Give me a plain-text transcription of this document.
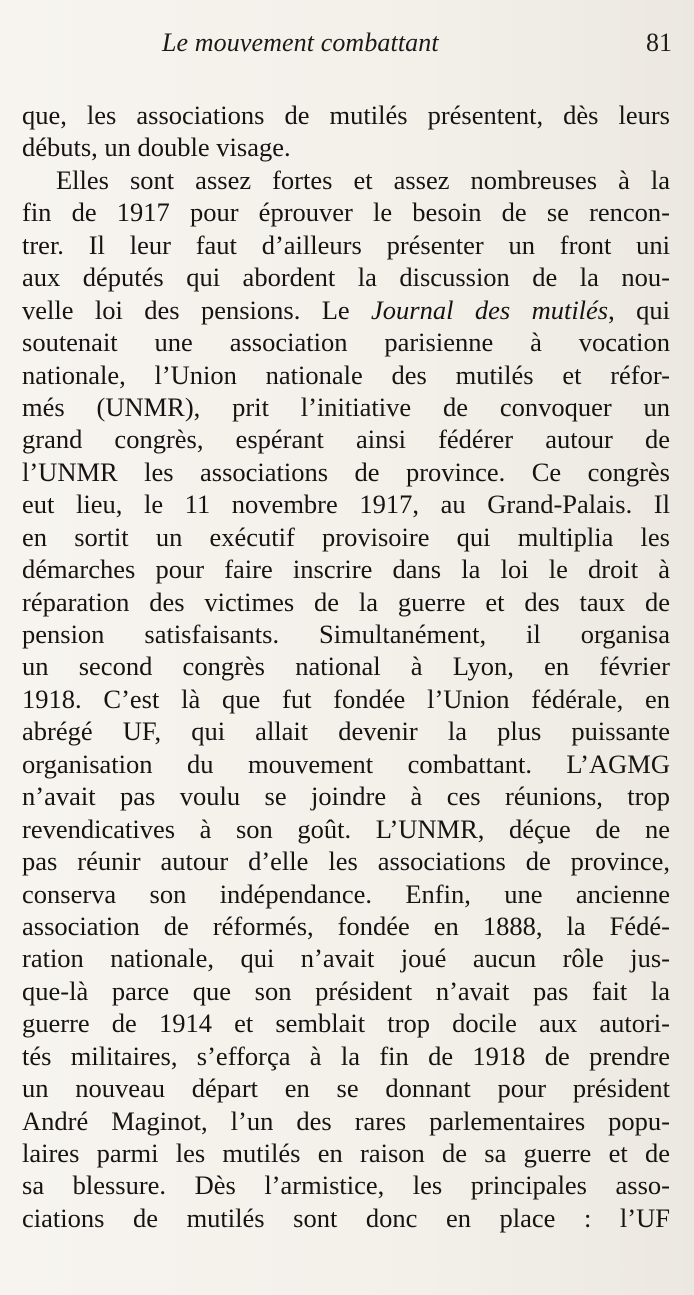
Le mouvement combattant	81
que, les associations de mutilés présentent, dès leurs
débuts, un double visage.
Elles sont assez fortes et assez nombreuses à la
fin de 1917 pour éprouver le besoin de se rencon-
trer. Il leur faut d’ailleurs présenter un front uni
aux députés qui abordent la discussion de la nou-
velle loi des pensions. Le Journal des mutilés, qui
soutenait une association parisienne à vocation
nationale, l’Union nationale des mutilés et réfor-
més (UNMR), prit l’initiative de convoquer un
grand congrès, espérant ainsi fédérer autour de
l’UNMR les associations de province. Ce congrès
eut lieu, le 11 novembre 1917, au Grand-Palais. Il
en sortit un exécutif provisoire qui multiplia les
démarches pour faire inscrire dans la loi le droit à
réparation des victimes de la guerre et des taux de
pension satisfaisants. Simultanément, il organisa
un second congrès national à Lyon, en février
1918. C’est là que fut fondée l’Union fédérale, en
abrégé UF, qui allait devenir la plus puissante
organisation du mouvement combattant. L’AGMG
n’avait pas voulu se joindre à ces réunions, trop
revendicatives à son goût. L’UNMR, déçue de ne
pas réunir autour d’elle les associations de province,
conserva son indépendance. Enfin, une ancienne
association de réformés, fondée en 1888, la Fédé-
ration nationale, qui n’avait joué aucun rôle jus-
que-là parce que son président n’avait pas fait la
guerre de 1914 et semblait trop docile aux autori-
tés militaires, s’efforça à la fin de 1918 de prendre
un nouveau départ en se donnant pour président
André Maginot, l’un des rares parlementaires popu-
laires parmi les mutilés en raison de sa guerre et de
sa blessure. Dès l’armistice, les principales asso-
ciations de mutilés sont donc en place : l’UF
